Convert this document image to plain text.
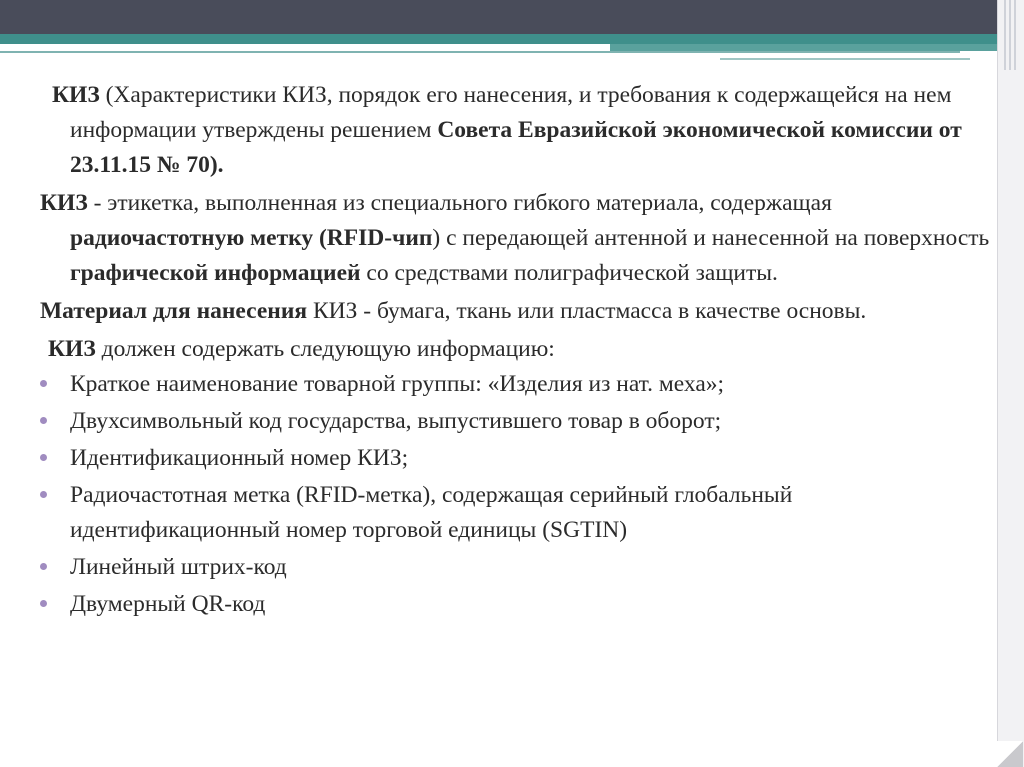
КИЗ (Характеристики КИЗ, порядок его нанесения, и требования к содержащейся на нем информации утверждены решением Совета Евразийской экономической комиссии от 23.11.15 № 70).

КИЗ - этикетка, выполненная из специального гибкого материала, содержащая радиочастотную метку (RFID-чип) с передающей антенной и нанесенной на поверхность графической информацией со средствами полиграфической защиты.

Материал для нанесения КИЗ - бумага, ткань или пластмасса в качестве основы.

КИЗ должен содержать следующую информацию:

Краткое наименование товарной группы: «Изделия из нат. меха»;
Двухсимвольный код государства, выпустившего товар в оборот;
Идентификационный номер КИЗ;
Радиочастотная метка (RFID-метка), содержащая серийный глобальный идентификационный номер торговой единицы (SGTIN)
Линейный штрих-код
Двумерный QR-код
